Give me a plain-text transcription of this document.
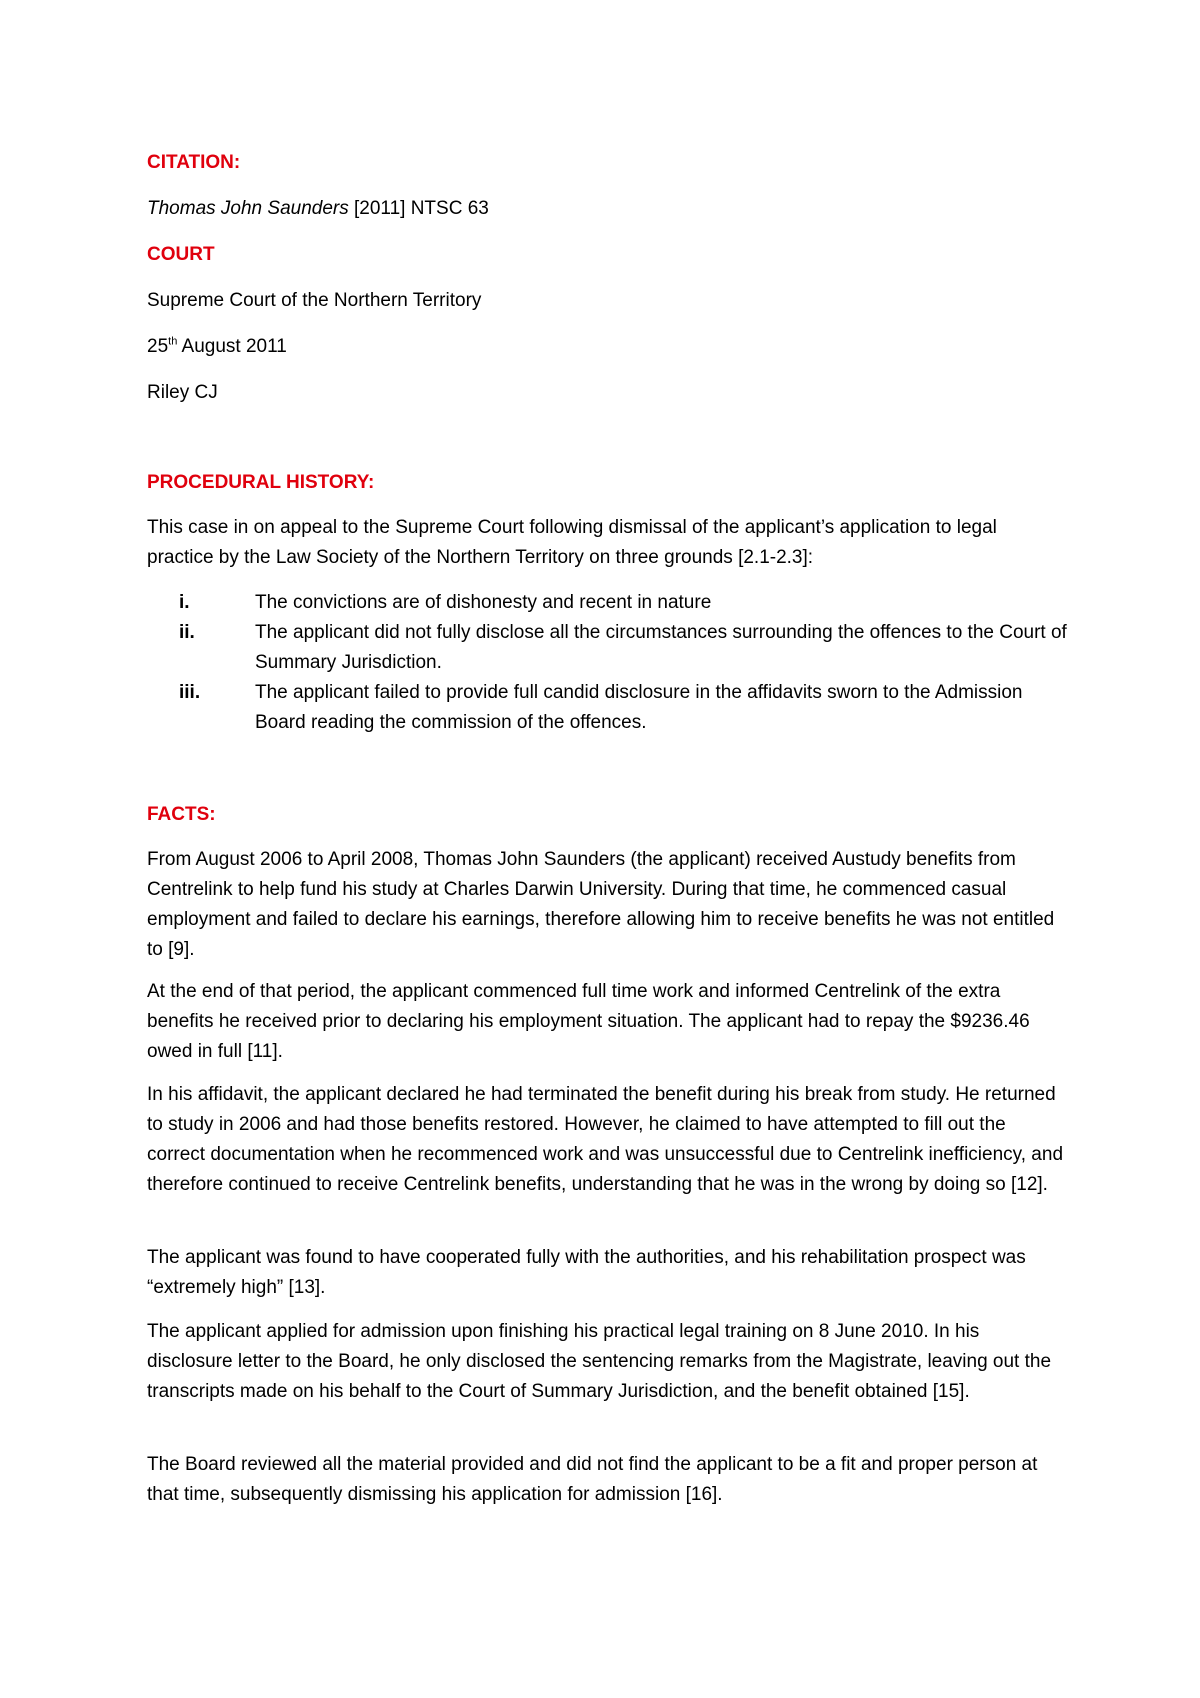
CITATION:
Thomas John Saunders [2011] NTSC 63
COURT
Supreme Court of the Northern Territory
25th August 2011
Riley CJ
PROCEDURAL HISTORY:
This case in on appeal to the Supreme Court following dismissal of the applicant’s application to legal practice by the Law Society of the Northern Territory on three grounds [2.1-2.3]:
i.	The convictions are of dishonesty and recent in nature
ii.	The applicant did not fully disclose all the circumstances surrounding the offences to the Court of Summary Jurisdiction.
iii.	The applicant failed to provide full candid disclosure in the affidavits sworn to the Admission Board reading the commission of the offences.
FACTS:
From August 2006 to April 2008, Thomas John Saunders (the applicant) received Austudy benefits from Centrelink to help fund his study at Charles Darwin University. During that time, he commenced casual employment and failed to declare his earnings, therefore allowing him to receive benefits he was not entitled to [9].
At the end of that period, the applicant commenced full time work and informed Centrelink of the extra benefits he received prior to declaring his employment situation. The applicant had to repay the $9236.46 owed in full [11].
In his affidavit, the applicant declared he had terminated the benefit during his break from study. He returned to study in 2006 and had those benefits restored. However, he claimed to have attempted to fill out the correct documentation when he recommenced work and was unsuccessful due to Centrelink inefficiency, and therefore continued to receive Centrelink benefits, understanding that he was in the wrong by doing so [12].
The applicant was found to have cooperated fully with the authorities, and his rehabilitation prospect was “extremely high” [13].
The applicant applied for admission upon finishing his practical legal training on 8 June 2010. In his disclosure letter to the Board, he only disclosed the sentencing remarks from the Magistrate, leaving out the transcripts made on his behalf to the Court of Summary Jurisdiction, and the benefit obtained [15].
The Board reviewed all the material provided and did not find the applicant to be a fit and proper person at that time, subsequently dismissing his application for admission [16].
